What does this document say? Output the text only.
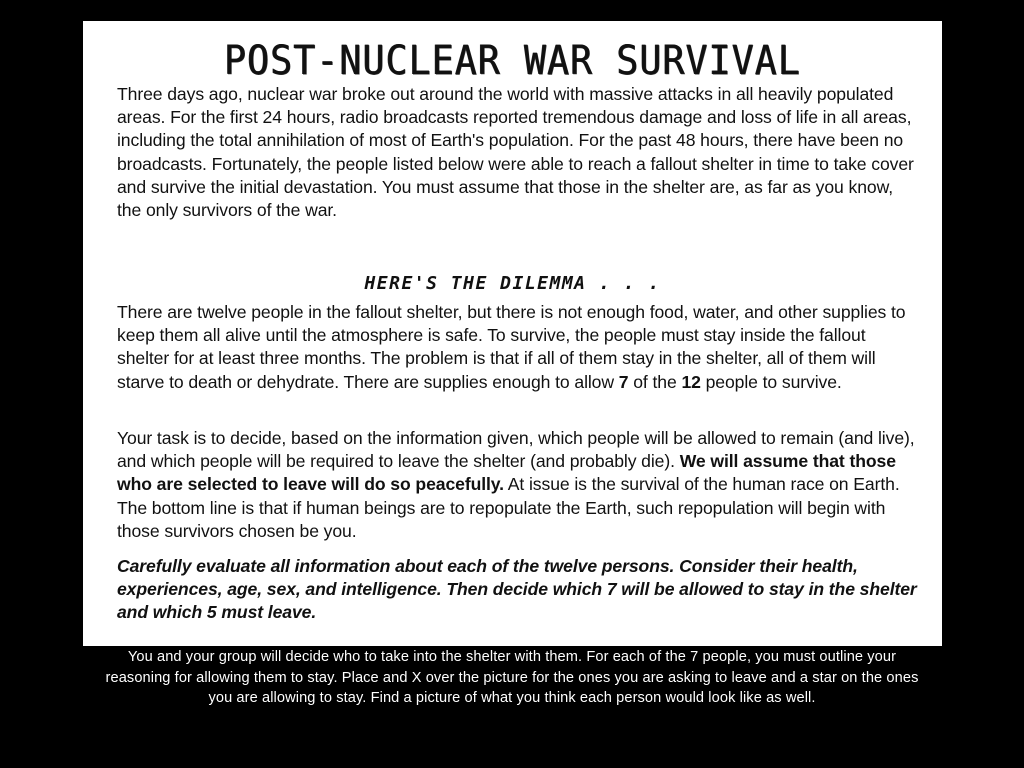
POST-NUCLEAR WAR SURVIVAL

Three days ago, nuclear war broke out around the world with massive attacks in all heavily populated areas. For the first 24 hours, radio broadcasts reported tremendous damage and loss of life in all areas, including the total annihilation of most of Earth's population. For the past 48 hours, there have been no broadcasts. Fortunately, the people listed below were able to reach a fallout shelter in time to take cover and survive the initial devastation. You must assume that those in the shelter are, as far as you know, the only survivors of the war.

HERE'S THE DILEMMA . . .

There are twelve people in the fallout shelter, but there is not enough food, water, and other supplies to keep them all alive until the atmosphere is safe. To survive, the people must stay inside the fallout shelter for at least three months. The problem is that if all of them stay in the shelter, all of them will starve to death or dehydrate. There are supplies enough to allow 7 of the 12 people to survive.

Your task is to decide, based on the information given, which people will be allowed to remain (and live), and which people will be required to leave the shelter (and probably die). We will assume that those who are selected to leave will do so peacefully. At issue is the survival of the human race on Earth. The bottom line is that if human beings are to repopulate the Earth, such repopulation will begin with those survivors chosen be you.

Carefully evaluate all information about each of the twelve persons. Consider their health, experiences, age, sex, and intelligence. Then decide which 7 will be allowed to stay in the shelter and which 5 must leave.

You and your group will decide who to take into the shelter with them. For each of the 7 people, you must outline your reasoning for allowing them to stay. Place and X over the picture for the ones you are asking to leave and a star on the ones you are allowing to stay. Find a picture of what you think each person would look like as well.
